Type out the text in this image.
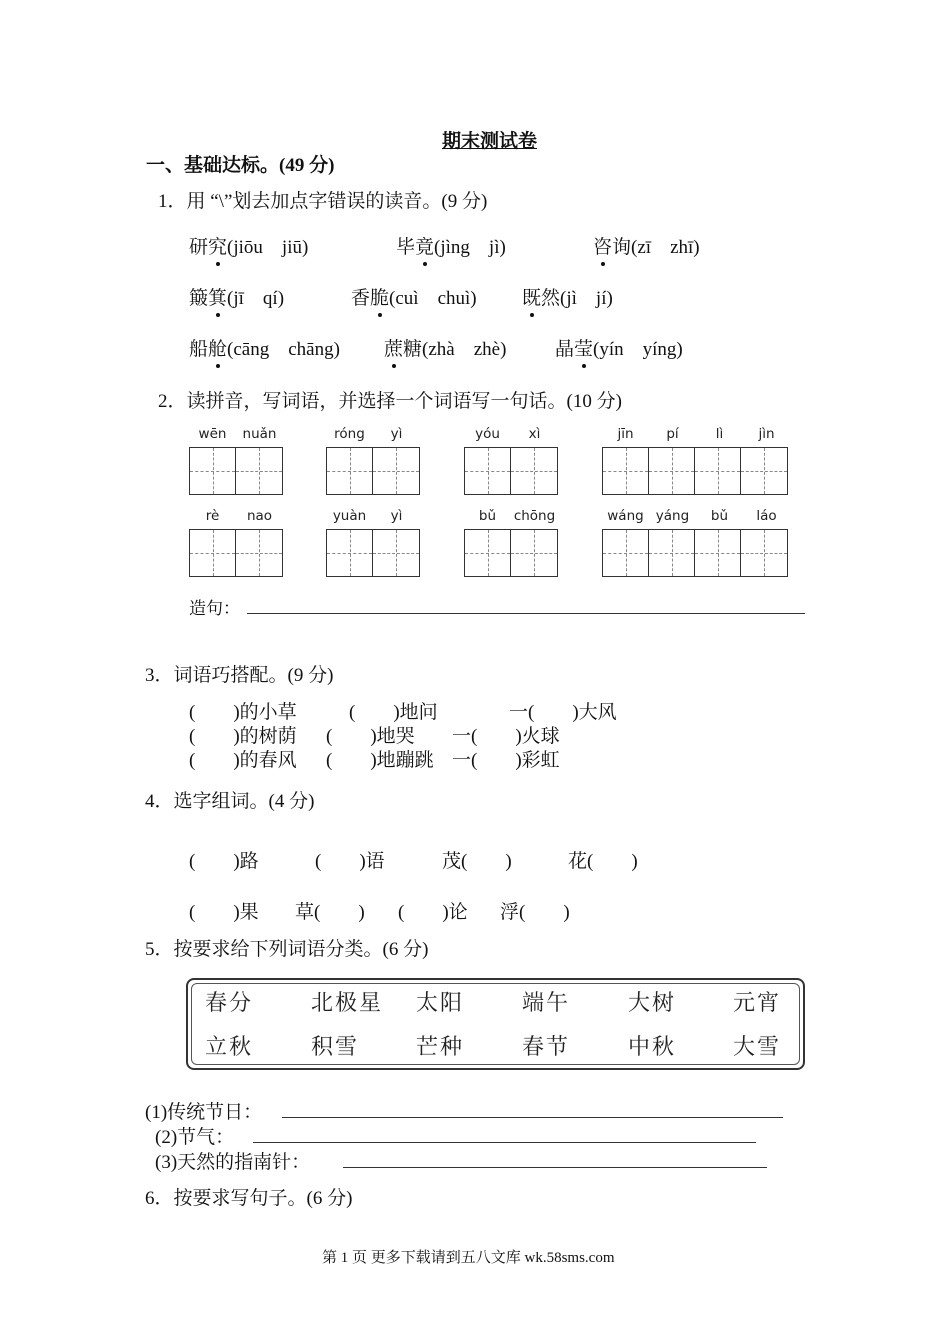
期末测试卷
一、基础达标。(49 分)
1．用 “\”划去加点字错误的读音。(9 分)
研究(jiōu　jiū)	毕竟(jìng　jì)	咨询(zī　zhī)
簸箕(jī　qí)	香脆(cuì　chuì) 既然(jì　jí)
船舱(cāng　chāng) 蔗糖(zhà　zhè)	晶莹(yín　yíng)
2．读拼音，写词语，并选择一个词语写一句话。(10 分)
wēn	nuǎn	róng	yì	yóu	xì	jīn	pí	lì	jìn
rè	nao	yuàn	yì	bǔ	chōng	wáng yáng	bǔ	láo
造句：
3．词语巧搭配。(9 分)
(　　)的小草	(　　)地问	一(　　)大风
(　　)的树荫 (　　)地哭 一(　　)火球
(　　)的春风 (　　)地蹦跳 一(　　)彩虹
4．选字组词。(4 分)
(　　)路	(　　)语	茂(　　)	花(　　)
(　　)果 草(　　) (　　)论 浮(　　)
5．按要求给下列词语分类。(6 分)
春分	北极星 太阳	端午	大树	元宵
立秋	积雪	芒种	春节	中秋	大雪
(1)传统节日：
(2)节气：
(3)天然的指南针：
6．按要求写句子。(6 分)
第 1 页 更多下载请到五八文库 wk.58sms.com
